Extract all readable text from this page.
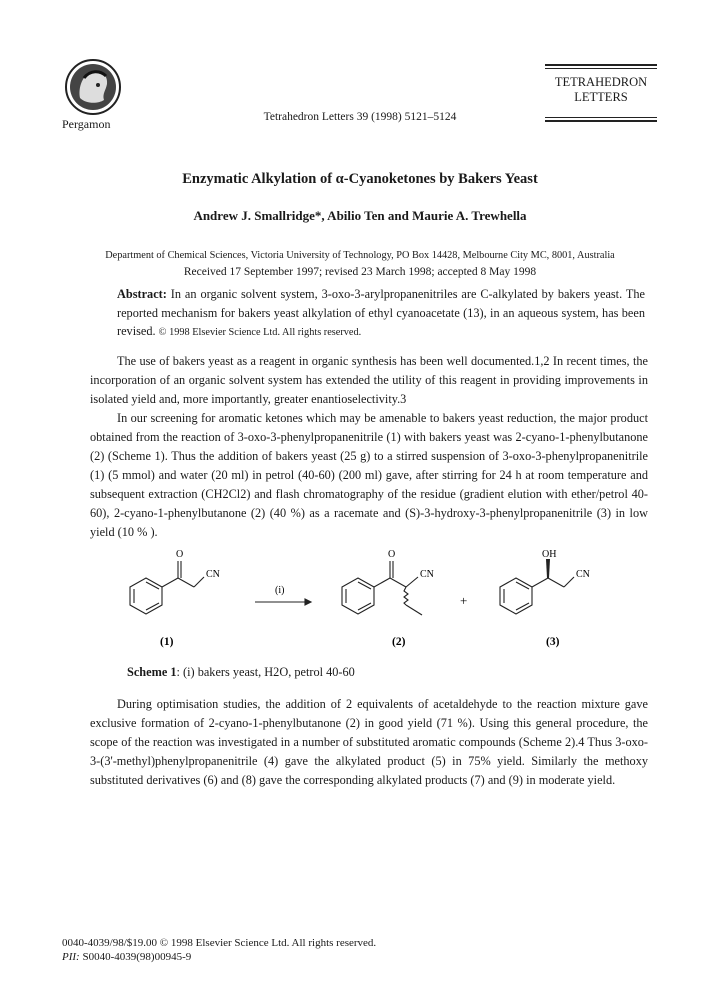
Pergamon	Tetrahedron Letters 39 (1998) 5121–5124
TETRAHEDRON
LETTERS
Enzymatic Alkylation of α-Cyanoketones by Bakers Yeast
Andrew J. Smallridge*, Abilio Ten and Maurie A. Trewhella
Department of Chemical Sciences, Victoria University of Technology, PO Box 14428, Melbourne City MC, 8001, Australia
Received 17 September 1997; revised 23 March 1998; accepted 8 May 1998
Abstract: In an organic solvent system, 3-oxo-3-arylpropanenitriles are C-alkylated by bakers yeast. The reported mechanism for bakers yeast alkylation of ethyl cyanoacetate (13), in an aqueous system, has been revised. © 1998 Elsevier Science Ltd. All rights reserved.

The use of bakers yeast as a reagent in organic synthesis has been well documented.1,2 In recent times, the incorporation of an organic solvent system has extended the utility of this reagent in providing improvements in isolated yield and, more importantly, greater enantioselectivity.3

In our screening for aromatic ketones which may be amenable to bakers yeast reduction, the major product obtained from the reaction of 3-oxo-3-phenylpropanenitrile (1) with bakers yeast was 2-cyano-1-phenylbutanone (2) (Scheme 1). Thus the addition of bakers yeast (25 g) to a stirred suspension of 3-oxo-3-phenylpropanenitrile (1) (5 mmol) and water (20 ml) in petrol (40-60) (200 ml) gave, after stirring for 24 h at room temperature and subsequent extraction (CH2Cl2) and flash chromatography of the residue (gradient elution with ether/petrol 40-60), 2-cyano-1-phenylbutanone (2) (40 %) as a racemate and (S)-3-hydroxy-3-phenylpropanenitrile (3) in low yield (10 % ).

O
CN
(i)
O
CN
+
OH
CN
(1)	(2)	(3)
Scheme 1: (i) bakers yeast, H2O, petrol 40-60

During optimisation studies, the addition of 2 equivalents of acetaldehyde to the reaction mixture gave exclusive formation of 2-cyano-1-phenylbutanone (2) in good yield (71 %). Using this general procedure, the scope of the reaction was investigated in a number of substituted aromatic compounds (Scheme 2).4 Thus 3-oxo-3-(3'-methyl)phenylpropanenitrile (4) gave the alkylated product (5) in 75% yield. Similarly the methoxy substituted derivatives (6) and (8) gave the corresponding alkylated products (7) and (9) in moderate yield.

0040-4039/98/$19.00 © 1998 Elsevier Science Ltd. All rights reserved.
PII: S0040-4039(98)00945-9
